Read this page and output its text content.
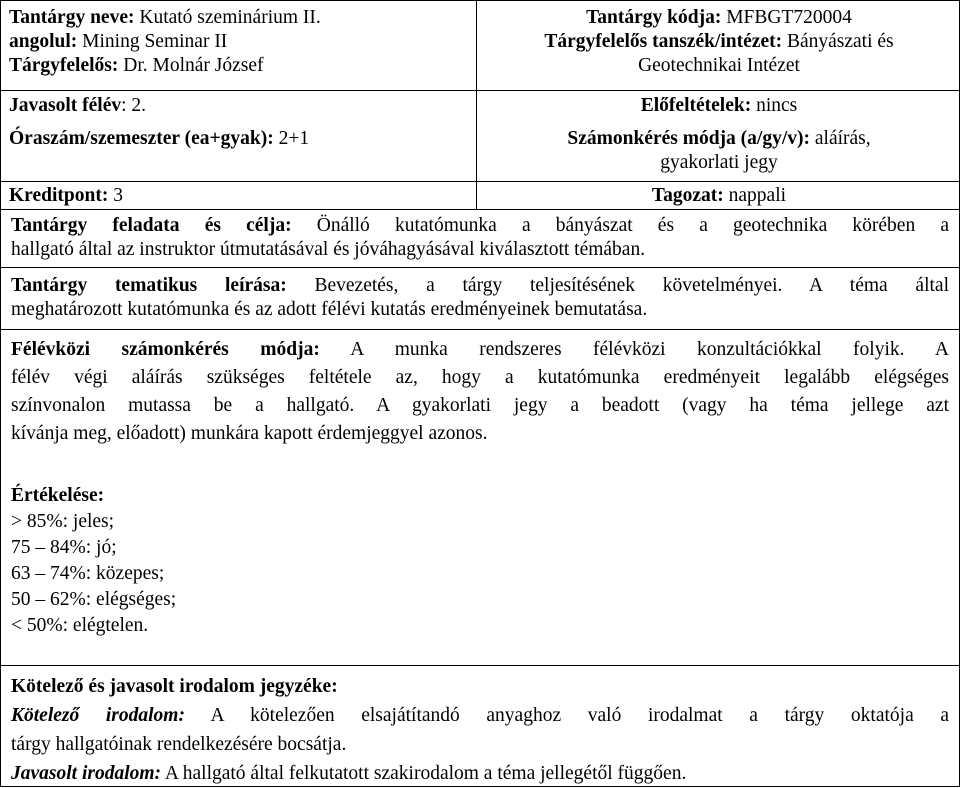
Tantárgy neve: Kutató szeminárium II.
angolul: Mining Seminar II
Tárgyfelelős: Dr. Molnár József
Javasolt félév: 2.
Óraszám/szemeszter (ea+gyak): 2+1
Kreditpont: 3
Tantárgy kódja: MFBGT720004
Tárgyfelelős tanszék/intézet: Bányászati és
Geotechnikai Intézet
Előfeltételek: nincs
Számonkérés módja (a/gy/v): aláírás,
gyakorlati jegy
Tagozat: nappali
Tantárgy feladata és célja: Önálló kutatómunka a bányászat és a geotechnika körében a
hallgató által az instruktor útmutatásával és jóváhagyásával kiválasztott témában.
Tantárgy tematikus leírása: Bevezetés, a tárgy teljesítésének követelményei. A téma által
meghatározott kutatómunka és az adott félévi kutatás eredményeinek bemutatása.
Félévközi számonkérés módja: A munka rendszeres félévközi konzultációkkal folyik. A
félév végi aláírás szükséges feltétele az, hogy a kutatómunka eredményeit legalább elégséges
színvonalon mutassa be a hallgató. A gyakorlati jegy a beadott (vagy ha téma jellege azt
kívánja meg, előadott) munkára kapott érdemjeggyel azonos.
Értékelése:
> 85%: jeles;
75 – 84%: jó;
63 – 74%: közepes;
50 – 62%: elégséges;
< 50%: elégtelen.
Kötelező és javasolt irodalom jegyzéke:
Kötelező irodalom: A kötelezően elsajátítandó anyaghoz való irodalmat a tárgy oktatója a
tárgy hallgatóinak rendelkezésére bocsátja.
Javasolt irodalom: A hallgató által felkutatott szakirodalom a téma jellegétől függően.
